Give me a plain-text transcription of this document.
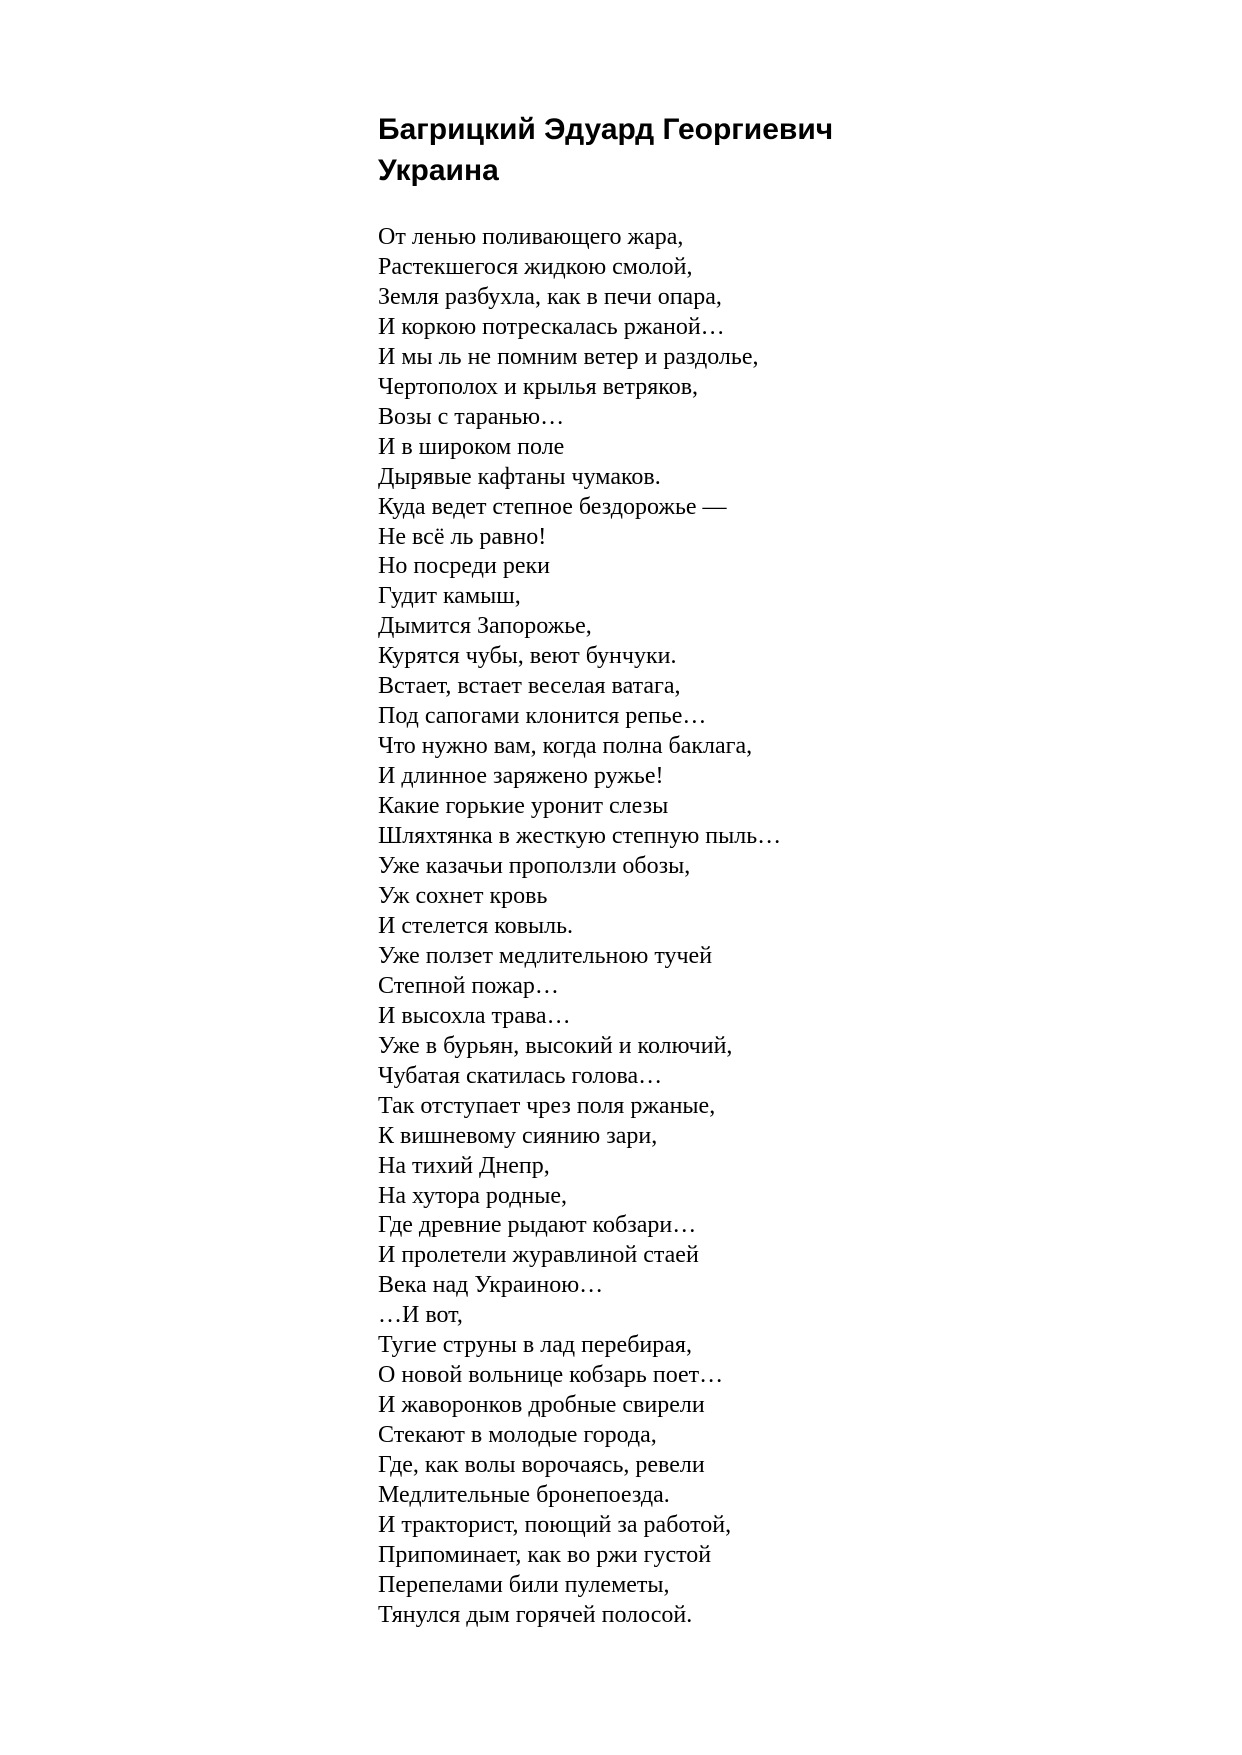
Багрицкий Эдуард Георгиевич
Украина
От ленью поливающего жара,
Растекшегося жидкою смолой,
Земля разбухла, как в печи опара,
И коркою потрескалась ржаной…
И мы ль не помним ветер и раздолье,
Чертополох и крылья ветряков,
Возы с таранью…
И в широком поле
Дырявые кафтаны чумаков.
Куда ведет степное бездорожье —
Не всё ль равно!
Но посреди реки
Гудит камыш,
Дымится Запорожье,
Курятся чубы, веют бунчуки.
Встает, встает веселая ватага,
Под сапогами клонится репье…
Что нужно вам, когда полна баклага,
И длинное заряжено ружье!
Какие горькие уронит слезы
Шляхтянка в жесткую степную пыль…
Уже казачьи проползли обозы,
Уж сохнет кровь
И стелется ковыль.
Уже ползет медлительною тучей
Степной пожар…
И высохла трава…
Уже в бурьян, высокий и колючий,
Чубатая скатилась голова…
Так отступает чрез поля ржаные,
К вишневому сиянию зари,
На тихий Днепр,
На хутора родные,
Где древние рыдают кобзари…
И пролетели журавлиной стаей
Века над Украиною…
…И вот,
Тугие струны в лад перебирая,
О новой вольнице кобзарь поет…
И жаворонков дробные свирели
Стекают в молодые города,
Где, как волы ворочаясь, ревели
Медлительные бронепоезда.
И тракторист, поющий за работой,
Припоминает, как во ржи густой
Перепелами били пулеметы,
Тянулся дым горячей полосой.
